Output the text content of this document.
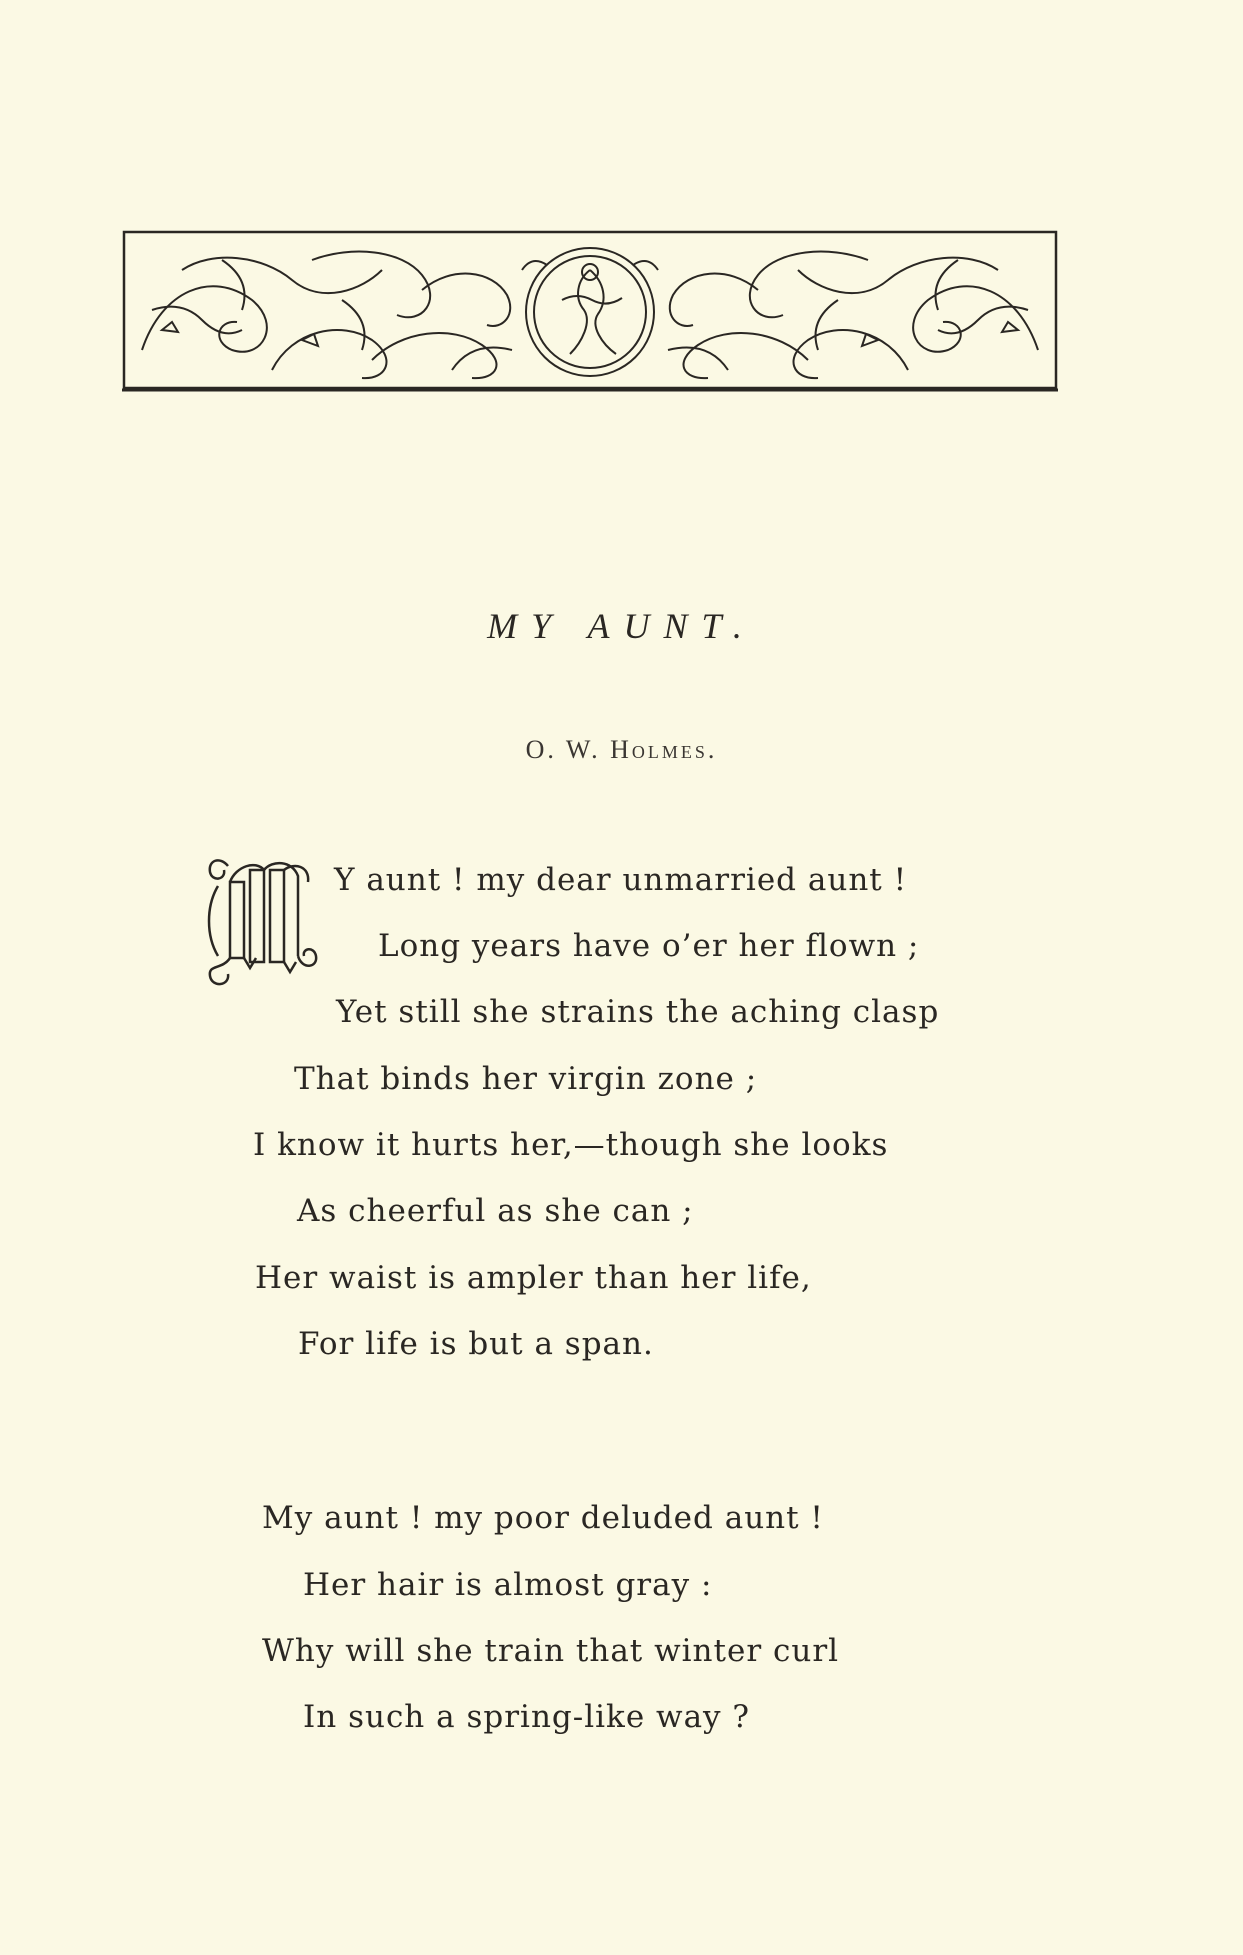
MY AUNT.
O. W. Holmes.
Y aunt ! my dear unmarried aunt !
Long years have o’er her flown ;
Yet still she strains the aching clasp
That binds her virgin zone ;
I know it hurts her,—though she looks
As cheerful as she can ;
Her waist is ampler than her life,
For life is but a span.
My aunt ! my poor deluded aunt !
Her hair is almost gray :
Why will she train that winter curl
In such a spring-like way ?
